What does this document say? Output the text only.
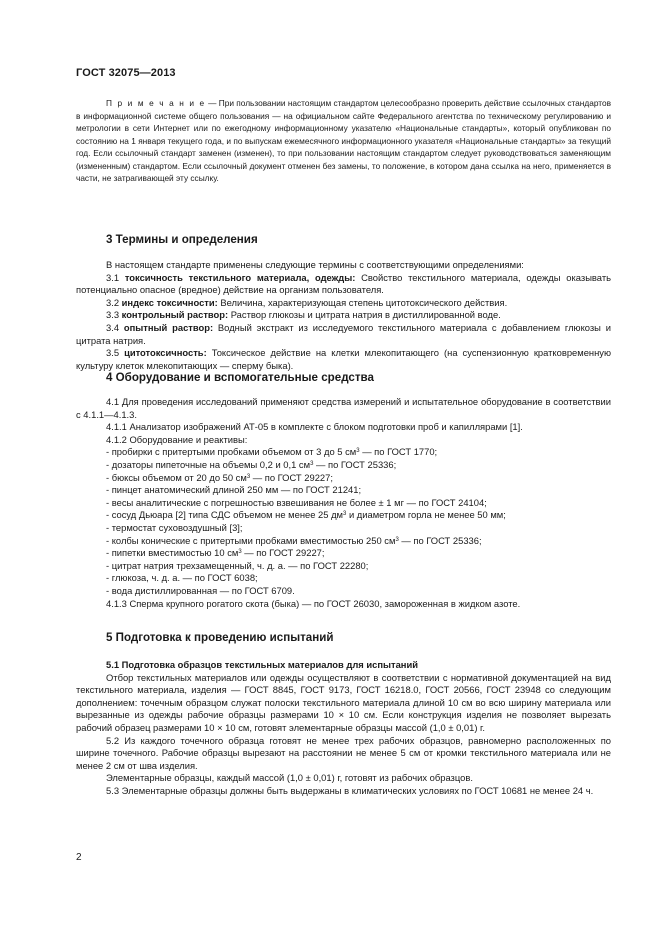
ГОСТ 32075—2013
П р и м е ч а н и е — При пользовании настоящим стандартом целесообразно проверить действие ссылочных стандартов в информационной системе общего пользования — на официальном сайте Федерального агентства по техническому регулированию и метрологии в сети Интернет или по ежегодному информационному указателю «Национальные стандарты», который опубликован по состоянию на 1 января текущего года, и по выпускам ежемесячного информационного указателя «Национальные стандарты» за текущий год. Если ссылочный стандарт заменен (изменен), то при пользовании настоящим стандартом следует руководствоваться заменяющим (измененным) стандартом. Если ссылочный документ отменен без замены, то положение, в котором дана ссылка на него, применяется в части, не затрагивающей эту ссылку.
3 Термины и определения

В настоящем стандарте применены следующие термины с соответствующими определениями:

3.1 токсичность текстильного материала, одежды: Свойство текстильного материала, одежды оказывать потенциально опасное (вредное) действие на организм пользователя.

3.2 индекс токсичности: Величина, характеризующая степень цитотоксического действия.

3.3 контрольный раствор: Раствор глюкозы и цитрата натрия в дистиллированной воде.

3.4 опытный раствор: Водный экстракт из исследуемого текстильного материала с добавлением глюкозы и цитрата натрия.

3.5 цитотоксичность: Токсическое действие на клетки млекопитающего (на суспензионную кратковременную культуру клеток млекопитающих — сперму быка).

4 Оборудование и вспомогательные средства

4.1 Для проведения исследований применяют средства измерений и испытательное оборудование в соответствии с 4.1.1—4.1.3.

4.1.1 Анализатор изображений АТ-05 в комплекте с блоком подготовки проб и капиллярами [1].

4.1.2 Оборудование и реактивы:

- пробирки с притертыми пробками объемом от 3 до 5 $см^3$ — по ГОСТ 1770;

- дозаторы пипеточные на объемы 0,2 и 0,1 $см^3$ — по ГОСТ 25336;

- бюксы объемом от 20 до 50 $см^3$ — по ГОСТ 29227;

- пинцет анатомический длиной 250 мм — по ГОСТ 21241;

- весы аналитические с погрешностью взвешивания не более ± 1 мг — по ГОСТ 24104;

- сосуд Дьюара [2] типа СДС объемом не менее 25 $дм^3$ и диаметром горла не менее 50 мм;

- термостат суховоздушный [3];

- колбы конические с притертыми пробками вместимостью 250 $см^3$ — по ГОСТ 25336;

- пипетки вместимостью 10 $см^3$ — по ГОСТ 29227;

- цитрат натрия трехзамещенный, ч. д. а. — по ГОСТ 22280;

- глюкоза, ч. д. а. — по ГОСТ 6038;

- вода дистиллированная — по ГОСТ 6709.

4.1.3 Сперма крупного рогатого скота (быка) — по ГОСТ 26030, замороженная в жидком азоте.

5 Подготовка к проведению испытаний

5.1 Подготовка образцов текстильных материалов для испытаний

Отбор текстильных материалов или одежды осуществляют в соответствии с нормативной документацией на вид текстильного материала, изделия — ГОСТ 8845, ГОСТ 9173, ГОСТ 16218.0, ГОСТ 20566, ГОСТ 23948 со следующим дополнением: точечным образцом служат полоски текстильного материала длиной 10 см во всю ширину материала или вырезанные из одежды рабочие образцы размерами 10 × 10 см. Если конструкция изделия не позволяет вырезать рабочий образец размерами 10 × 10 см, готовят элементарные образцы массой (1,0 ± 0,01) г.

5.2 Из каждого точечного образца готовят не менее трех рабочих образцов, равномерно расположенных по ширине точечного. Рабочие образцы вырезают на расстоянии не менее 5 см от кромки текстильного материала или не менее 2 см от шва изделия.

Элементарные образцы, каждый массой (1,0 ± 0,01) г, готовят из рабочих образцов.

5.3 Элементарные образцы должны быть выдержаны в климатических условиях по ГОСТ 10681 не менее 24 ч.

2
